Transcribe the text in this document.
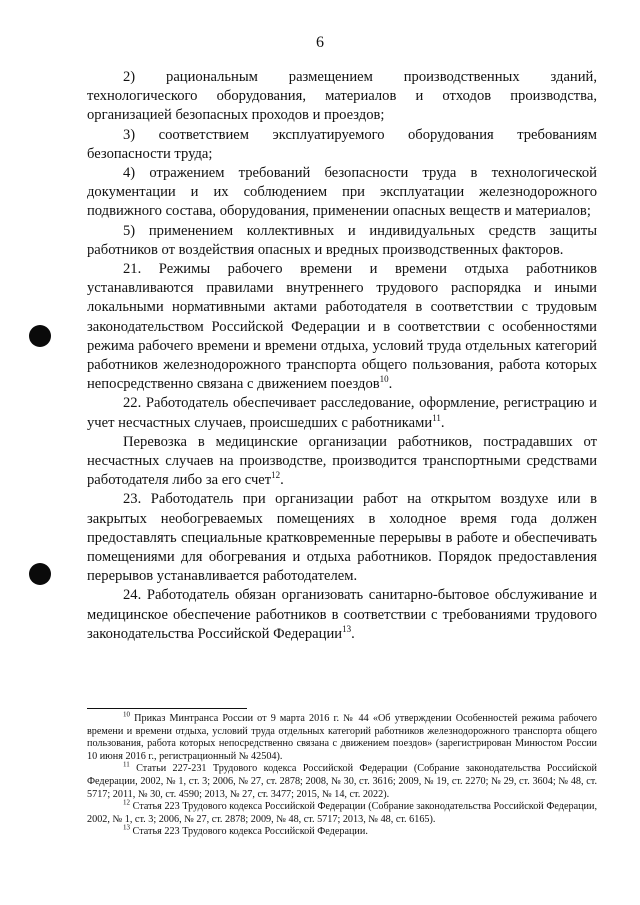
6

2) рациональным размещением производственных зданий, технологического оборудования, материалов и отходов производства, организацией безопасных проходов и проездов;

3) соответствием эксплуатируемого оборудования требованиям безопасности труда;

4) отражением требований безопасности труда в технологической документации и их соблюдением при эксплуатации железнодорожного подвижного состава, оборудования, применении опасных веществ и материалов;

5) применением коллективных и индивидуальных средств защиты работников от воздействия опасных и вредных производственных факторов.

21. Режимы рабочего времени и времени отдыха работников устанавливаются правилами внутреннего трудового распорядка и иными локальными нормативными актами работодателя в соответствии с трудовым законодательством Российской Федерации и в соответствии с особенностями режима рабочего времени и времени отдыха, условий труда отдельных категорий работников железнодорожного транспорта общего пользования, работа которых непосредственно связана с движением поездов$^{10}$.

22. Работодатель обеспечивает расследование, оформление, регистрацию и учет несчастных случаев, происшедших с работниками$^{11}$.

Перевозка в медицинские организации работников, пострадавших от несчастных случаев на производстве, производится транспортными средствами работодателя либо за его счет$^{12}$.

23. Работодатель при организации работ на открытом воздухе или в закрытых необогреваемых помещениях в холодное время года должен предоставлять специальные кратковременные перерывы в работе и обеспечивать помещениями для обогревания и отдыха работников. Порядок предоставления перерывов устанавливается работодателем.

24. Работодатель обязан организовать санитарно-бытовое обслуживание и медицинское обеспечение работников в соответствии с требованиями трудового законодательства Российской Федерации$^{13}$.

$^{10}$ Приказ Минтранса России от 9 марта 2016 г. № 44 «Об утверждении Особенностей режима рабочего времени и времени отдыха, условий труда отдельных категорий работников железнодорожного транспорта общего пользования, работа которых непосредственно связана с движением поездов» (зарегистрирован Минюстом России 10 июня 2016 г., регистрационный № 42504).

$^{11}$ Статьи 227-231 Трудового кодекса Российской Федерации (Собрание законодательства Российской Федерации, 2002, № 1, ст. 3; 2006, № 27, ст. 2878; 2008, № 30, ст. 3616; 2009, № 19, ст. 2270; № 29, ст. 3604; № 48, ст. 5717; 2011, № 30, ст. 4590; 2013, № 27, ст. 3477; 2015, № 14, ст. 2022).

$^{12}$ Статья 223 Трудового кодекса Российской Федерации (Собрание законодательства Российской Федерации, 2002, № 1, ст. 3; 2006, № 27, ст. 2878; 2009, № 48, ст. 5717; 2013, № 48, ст. 6165).

$^{13}$ Статья 223 Трудового кодекса Российской Федерации.
